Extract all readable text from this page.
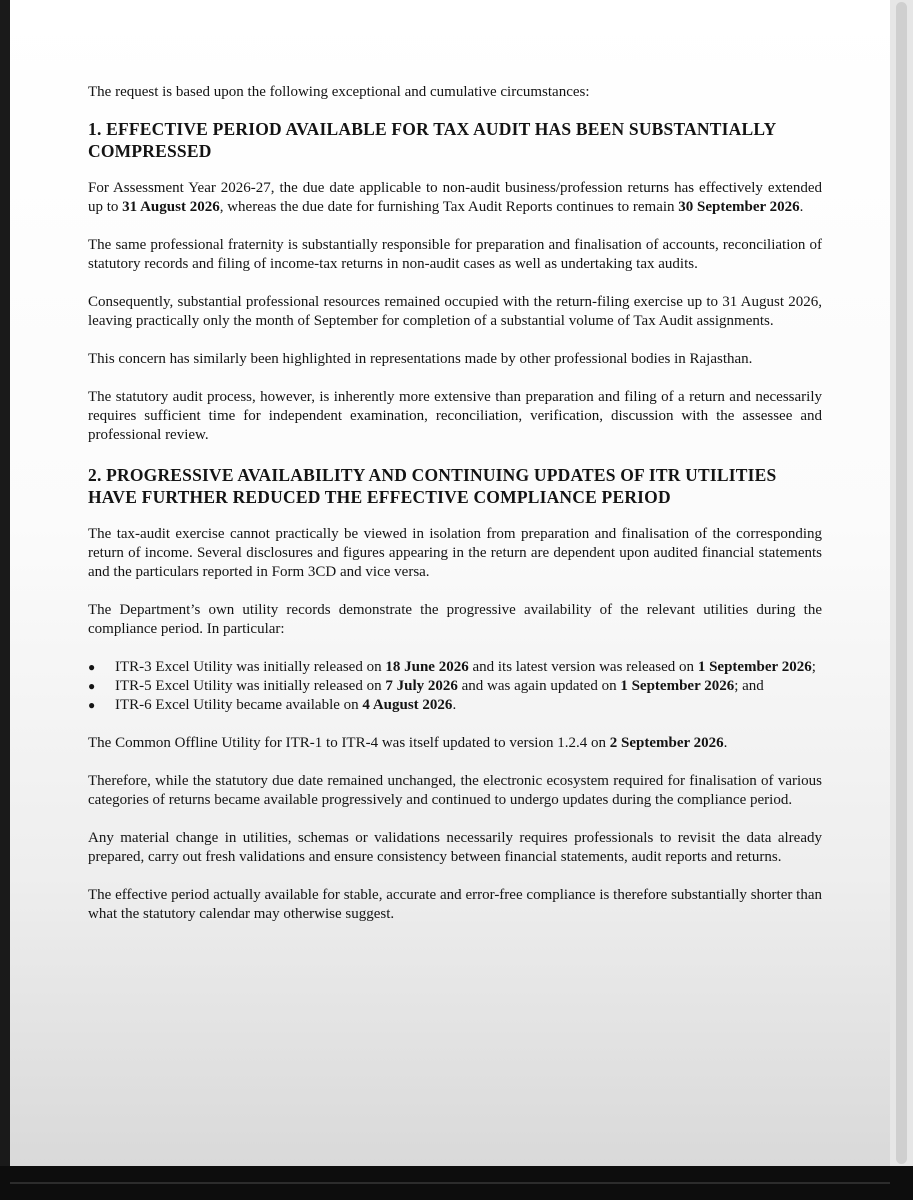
The request is based upon the following exceptional and cumulative circumstances:

1. EFFECTIVE PERIOD AVAILABLE FOR TAX AUDIT HAS BEEN SUBSTANTIALLY COMPRESSED

For Assessment Year 2026-27, the due date applicable to non-audit business/profession returns has effectively extended up to 31 August 2026, whereas the due date for furnishing Tax Audit Reports continues to remain 30 September 2026.

The same professional fraternity is substantially responsible for preparation and finalisation of accounts, reconciliation of statutory records and filing of income-tax returns in non-audit cases as well as undertaking tax audits.

Consequently, substantial professional resources remained occupied with the return-filing exercise up to 31 August 2026, leaving practically only the month of September for completion of a substantial volume of Tax Audit assignments.

This concern has similarly been highlighted in representations made by other professional bodies in Rajasthan.

The statutory audit process, however, is inherently more extensive than preparation and filing of a return and necessarily requires sufficient time for independent examination, reconciliation, verification, discussion with the assessee and professional review.

2. PROGRESSIVE AVAILABILITY AND CONTINUING UPDATES OF ITR UTILITIES HAVE FURTHER REDUCED THE EFFECTIVE COMPLIANCE PERIOD

The tax-audit exercise cannot practically be viewed in isolation from preparation and finalisation of the corresponding return of income. Several disclosures and figures appearing in the return are dependent upon audited financial statements and the particulars reported in Form 3CD and vice versa.

The Department’s own utility records demonstrate the progressive availability of the relevant utilities during the compliance period. In particular:

● ITR-3 Excel Utility was initially released on 18 June 2026 and its latest version was released on 1 September 2026;
● ITR-5 Excel Utility was initially released on 7 July 2026 and was again updated on 1 September 2026; and
● ITR-6 Excel Utility became available on 4 August 2026.

The Common Offline Utility for ITR-1 to ITR-4 was itself updated to version 1.2.4 on 2 September 2026.

Therefore, while the statutory due date remained unchanged, the electronic ecosystem required for finalisation of various categories of returns became available progressively and continued to undergo updates during the compliance period.

Any material change in utilities, schemas or validations necessarily requires professionals to revisit the data already prepared, carry out fresh validations and ensure consistency between financial statements, audit reports and returns.

The effective period actually available for stable, accurate and error-free compliance is therefore substantially shorter than what the statutory calendar may otherwise suggest.
